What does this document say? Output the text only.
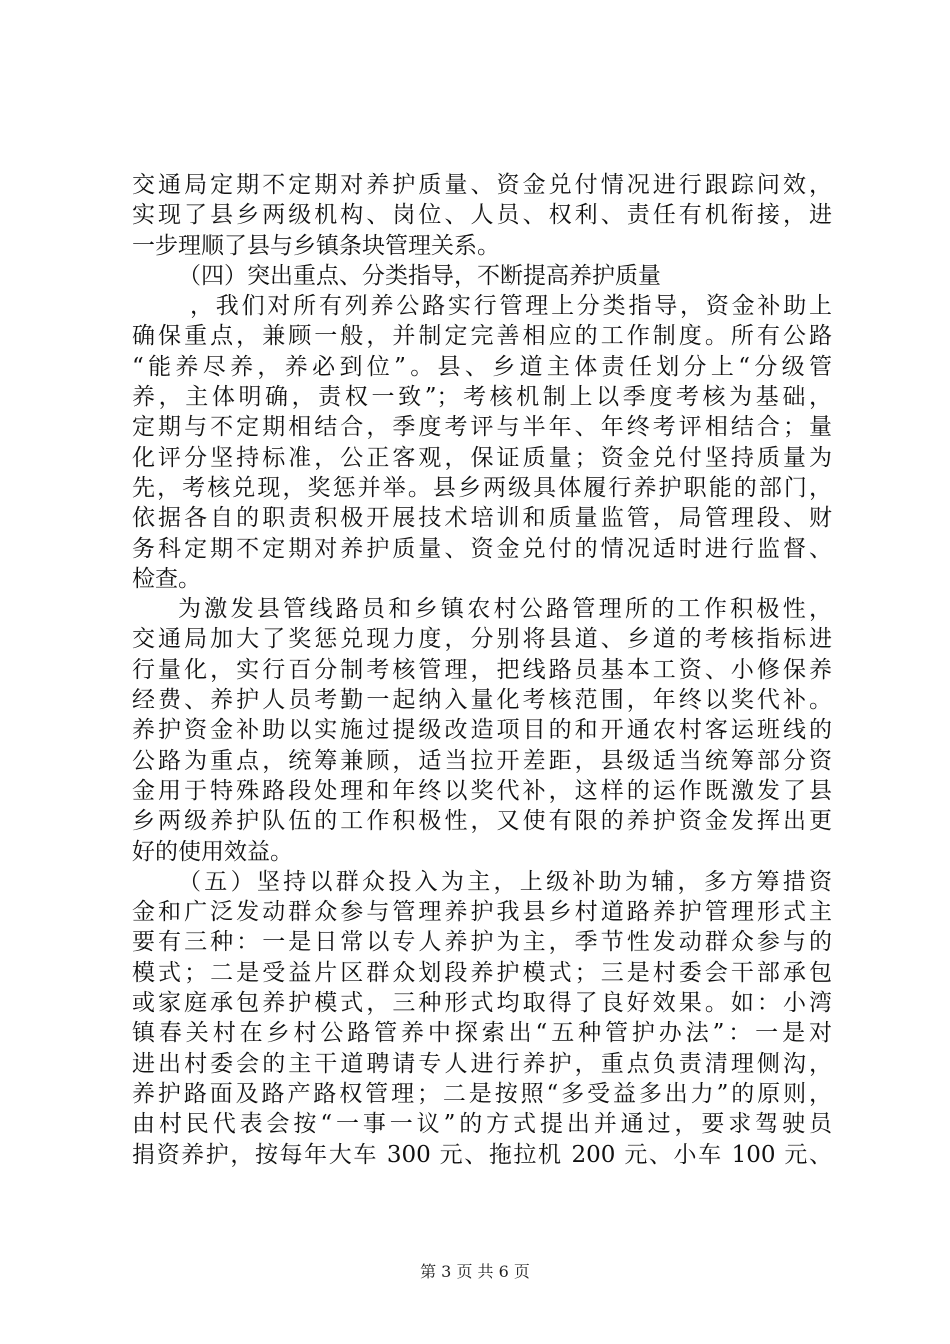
交通局定期不定期对养护质量、资金兑付情况进行跟踪问效，
实现了县乡两级机构、岗位、人员、权利、责任有机衔接，进
一步理顺了县与乡镇条块管理关系。
（四）突出重点、分类指导，不断提高养护质量
，我们对所有列养公路实行管理上分类指导，资金补助上
确保重点，兼顾一般，并制定完善相应的工作制度。所有公路
“能养尽养，养必到位”。县、乡道主体责任划分上“分级管
养，主体明确，责权一致”；考核机制上以季度考核为基础，
定期与不定期相结合，季度考评与半年、年终考评相结合；量
化评分坚持标准，公正客观，保证质量；资金兑付坚持质量为
先，考核兑现，奖惩并举。县乡两级具体履行养护职能的部门，
依据各自的职责积极开展技术培训和质量监管，局管理段、财
务科定期不定期对养护质量、资金兑付的情况适时进行监督、
检查。
为激发县管线路员和乡镇农村公路管理所的工作积极性，
交通局加大了奖惩兑现力度，分别将县道、乡道的考核指标进
行量化，实行百分制考核管理，把线路员基本工资、小修保养
经费、养护人员考勤一起纳入量化考核范围，年终以奖代补。
养护资金补助以实施过提级改造项目的和开通农村客运班线的
公路为重点，统筹兼顾，适当拉开差距，县级适当统筹部分资
金用于特殊路段处理和年终以奖代补，这样的运作既激发了县
乡两级养护队伍的工作积极性，又使有限的养护资金发挥出更
好的使用效益。
（五）坚持以群众投入为主，上级补助为辅，多方筹措资
金和广泛发动群众参与管理养护我县乡村道路养护管理形式主
要有三种：一是日常以专人养护为主，季节性发动群众参与的
模式；二是受益片区群众划段养护模式；三是村委会干部承包
或家庭承包养护模式，三种形式均取得了良好效果。如：小湾
镇春关村在乡村公路管养中探索出“五种管护办法”：一是对
进出村委会的主干道聘请专人进行养护，重点负责清理侧沟，
养护路面及路产路权管理；二是按照“多受益多出力”的原则，
由村民代表会按“一事一议”的方式提出并通过，要求驾驶员
捐资养护，按每年大车 300 元、拖拉机 200 元、小车 100 元、
第 3 页 共 6 页
